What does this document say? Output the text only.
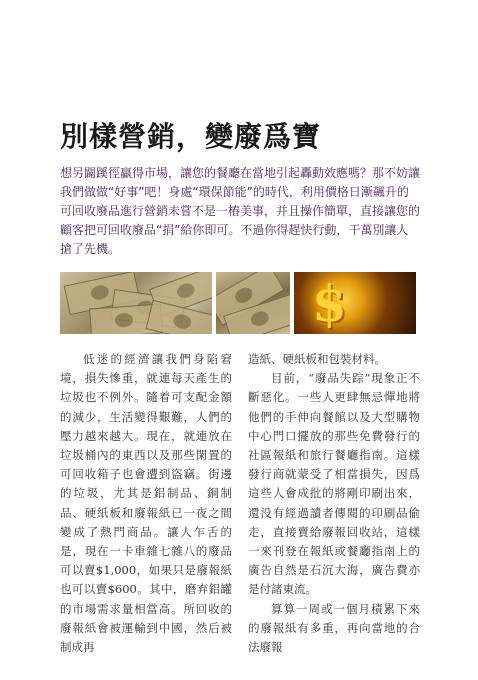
別樣營銷，變廢爲寶
想另闢蹊徑贏得市場，讓您的餐廳在當地引起轟動效應嗎？那不妨讓我們做做“好事”吧！身處“環保節能”的時代，利用價格日漸飆升的可回收廢品進行營銷未嘗不是一樁美事，并且操作簡單，直接讓您的顧客把可回收廢品“捐”給你即可。不過你得趕快行動，干萬別讓人搶了先機。
$

低迷的經濟讓我們身陷窘境，損失慘重，就連每天產生的垃圾也不例外。隨着可支配金額的減少，生活變得艱難，人們的壓力越來越大。現在，就連放在垃圾桶內的東西以及那些閑置的可回收箱子也會遭到盜竊。街邊的垃圾，尤其是鋁制品、銅制品、硬紙板和廢報紙已一夜之間變成了熱門商品。讓人乍舌的是，現在一卡車雜七雜八的廢品可以賣$1,000，如果只是廢報紙也可以賣$600。其中，磨弃鋁罐的市場需求量相當高。所回收的廢報紙會被運輸到中國，然后被制成再

造紙、硬紙板和包裝材料。

目前，“廢品失踪”現象正不斷惡化。一些人更肆無忌憚地將他們的手伸向餐館以及大型購物中心門口擺放的那些免費發行的社區報紙和旅行餐廳指南。這樣發行商就蒙受了相當損失，因爲這些人會成批的將剛印刷出來，還没有經過讀者傳閱的印刷品偷走，直接賣給廢報回收站，這樣一來刊登在報紙或餐廳指南上的廣告自然是石沉大海，廣告費亦是付諸東流。

算算一周或一個月積累下來的廢報紙有多重，再向當地的合法廢報
